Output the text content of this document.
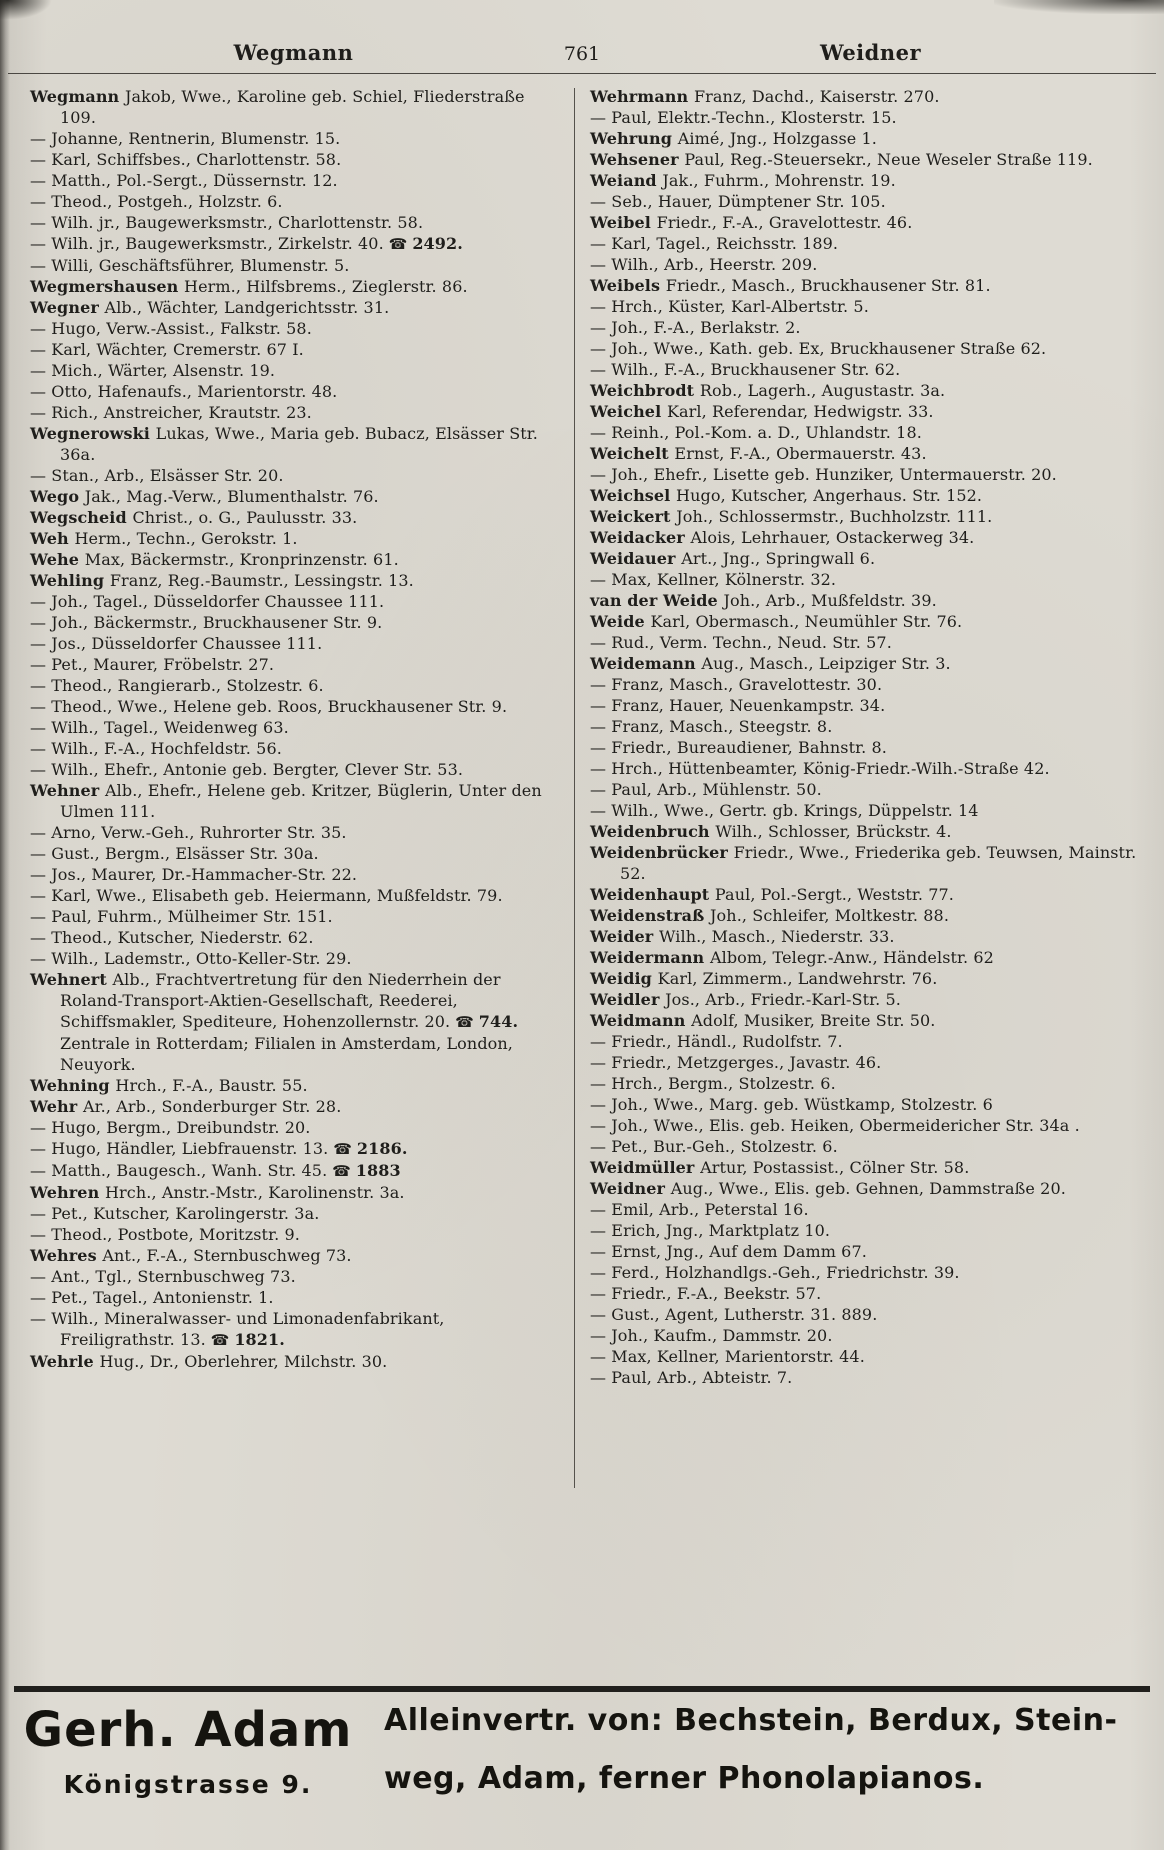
Wegmann	761	Weidner
Wegmann Jakob, Wwe., Karoline geb. Schiel, Fliederstraße 109.
— Johanne, Rentnerin, Blumenstr. 15.
— Karl, Schiffsbes., Charlottenstr. 58.
— Matth., Pol.-Sergt., Düssernstr. 12.
— Theod., Postgeh., Holzstr. 6.
— Wilh. jr., Baugewerksmstr., Charlottenstr. 58.
— Wilh. jr., Baugewerksmstr., Zirkelstr. 40. ☎ 2492.
— Willi, Geschäftsführer, Blumenstr. 5.
Wegmershausen Herm., Hilfsbrems., Zieglerstr. 86.
Wegner Alb., Wächter, Landgerichtsstr. 31.
— Hugo, Verw.-Assist., Falkstr. 58.
— Karl, Wächter, Cremerstr. 67 I.
— Mich., Wärter, Alsenstr. 19.
— Otto, Hafenaufs., Marientorstr. 48.
— Rich., Anstreicher, Krautstr. 23.
Wegnerowski Lukas, Wwe., Maria geb. Bubacz, Elsässer Str. 36a.
— Stan., Arb., Elsässer Str. 20.
Wego Jak., Mag.-Verw., Blumenthalstr. 76.
Wegscheid Christ., o. G., Paulusstr. 33.
Weh Herm., Techn., Gerokstr. 1.
Wehe Max, Bäckermstr., Kronprinzenstr. 61.
Wehling Franz, Reg.-Baumstr., Lessingstr. 13.
— Joh., Tagel., Düsseldorfer Chaussee 111.
— Joh., Bäckermstr., Bruckhausener Str. 9.
— Jos., Düsseldorfer Chaussee 111.
— Pet., Maurer, Fröbelstr. 27.
— Theod., Rangierarb., Stolzestr. 6.
— Theod., Wwe., Helene geb. Roos, Bruckhausener Str. 9.
— Wilh., Tagel., Weidenweg 63.
— Wilh., F.-A., Hochfeldstr. 56.
— Wilh., Ehefr., Antonie geb. Bergter, Clever Str. 53.
Wehner Alb., Ehefr., Helene geb. Kritzer, Büglerin, Unter den Ulmen 111.
— Arno, Verw.-Geh., Ruhrorter Str. 35.
— Gust., Bergm., Elsässer Str. 30a.
— Jos., Maurer, Dr.-Hammacher-Str. 22.
— Karl, Wwe., Elisabeth geb. Heiermann, Mußfeldstr. 79.
— Paul, Fuhrm., Mülheimer Str. 151.
— Theod., Kutscher, Niederstr. 62.
— Wilh., Lademstr., Otto-Keller-Str. 29.
Wehnert Alb., Frachtvertretung für den Niederrhein der Roland-Transport-Aktien-Gesellschaft, Reederei, Schiffsmakler, Spediteure, Hohenzollernstr. 20. ☎ 744. Zentrale in Rotterdam; Filialen in Amsterdam, London, Neuyork.
Wehning Hrch., F.-A., Baustr. 55.
Wehr Ar., Arb., Sonderburger Str. 28.
— Hugo, Bergm., Dreibundstr. 20.
— Hugo, Händler, Liebfrauenstr. 13. ☎ 2186.
— Matth., Baugesch., Wanh. Str. 45. ☎ 1883
Wehren Hrch., Anstr.-Mstr., Karolinenstr. 3a.
— Pet., Kutscher, Karolingerstr. 3a.
— Theod., Postbote, Moritzstr. 9.
Wehres Ant., F.-A., Sternbuschweg 73.
— Ant., Tgl., Sternbuschweg 73.
— Pet., Tagel., Antonienstr. 1.
— Wilh., Mineralwasser- und Limonadenfabrikant, Freiligrathstr. 13. ☎ 1821.
Wehrle Hug., Dr., Oberlehrer, Milchstr. 30.
Wehrmann Franz, Dachd., Kaiserstr. 270.
— Paul, Elektr.-Techn., Klosterstr. 15.
Wehrung Aimé, Jng., Holzgasse 1.
Wehsener Paul, Reg.-Steuersekr., Neue Weseler Straße 119.
Weiand Jak., Fuhrm., Mohrenstr. 19.
— Seb., Hauer, Dümptener Str. 105.
Weibel Friedr., F.-A., Gravelottestr. 46.
— Karl, Tagel., Reichsstr. 189.
— Wilh., Arb., Heerstr. 209.
Weibels Friedr., Masch., Bruckhausener Str. 81.
— Hrch., Küster, Karl-Albertstr. 5.
— Joh., F.-A., Berlakstr. 2.
— Joh., Wwe., Kath. geb. Ex, Bruckhausener Straße 62.
— Wilh., F.-A., Bruckhausener Str. 62.
Weichbrodt Rob., Lagerh., Augustastr. 3a.
Weichel Karl, Referendar, Hedwigstr. 33.
— Reinh., Pol.-Kom. a. D., Uhlandstr. 18.
Weichelt Ernst, F.-A., Obermauerstr. 43.
— Joh., Ehefr., Lisette geb. Hunziker, Untermauerstr. 20.
Weichsel Hugo, Kutscher, Angerhaus. Str. 152.
Weickert Joh., Schlossermstr., Buchholzstr. 111.
Weidacker Alois, Lehrhauer, Ostackerweg 34.
Weidauer Art., Jng., Springwall 6.
— Max, Kellner, Kölnerstr. 32.
van der Weide Joh., Arb., Mußfeldstr. 39.
Weide Karl, Obermasch., Neumühler Str. 76.
— Rud., Verm. Techn., Neud. Str. 57.
Weidemann Aug., Masch., Leipziger Str. 3.
— Franz, Masch., Gravelottestr. 30.
— Franz, Hauer, Neuenkampstr. 34.
— Franz, Masch., Steegstr. 8.
— Friedr., Bureaudiener, Bahnstr. 8.
— Hrch., Hüttenbeamter, König-Friedr.-Wilh.-Straße 42.
— Paul, Arb., Mühlenstr. 50.
— Wilh., Wwe., Gertr. gb. Krings, Düppelstr. 14
Weidenbruch Wilh., Schlosser, Brückstr. 4.
Weidenbrücker Friedr., Wwe., Friederika geb. Teuwsen, Mainstr. 52.
Weidenhaupt Paul, Pol.-Sergt., Weststr. 77.
Weidenstraß Joh., Schleifer, Moltkestr. 88.
Weider Wilh., Masch., Niederstr. 33.
Weidermann Albom, Telegr.-Anw., Händelstr. 62
Weidig Karl, Zimmerm., Landwehrstr. 76.
Weidler Jos., Arb., Friedr.-Karl-Str. 5.
Weidmann Adolf, Musiker, Breite Str. 50.
— Friedr., Händl., Rudolfstr. 7.
— Friedr., Metzgerges., Javastr. 46.
— Hrch., Bergm., Stolzestr. 6.
— Joh., Wwe., Marg. geb. Wüstkamp, Stolzestr. 6
— Joh., Wwe., Elis. geb. Heiken, Obermeidericher Str. 34a .
— Pet., Bur.-Geh., Stolzestr. 6.
Weidmüller Artur, Postassist., Cölner Str. 58.
Weidner Aug., Wwe., Elis. geb. Gehnen, Dammstraße 20.
— Emil, Arb., Peterstal 16.
— Erich, Jng., Marktplatz 10.
— Ernst, Jng., Auf dem Damm 67.
— Ferd., Holzhandlgs.-Geh., Friedrichstr. 39.
— Friedr., F.-A., Beekstr. 57.
— Gust., Agent, Lutherstr. 31. 889.
— Joh., Kaufm., Dammstr. 20.
— Max, Kellner, Marientorstr. 44.
— Paul, Arb., Abteistr. 7.
Gerh. Adam
Königstrasse 9.
Alleinvertr. von: Bechstein, Berdux, Stein-
weg, Adam, ferner Phonolapianos.
